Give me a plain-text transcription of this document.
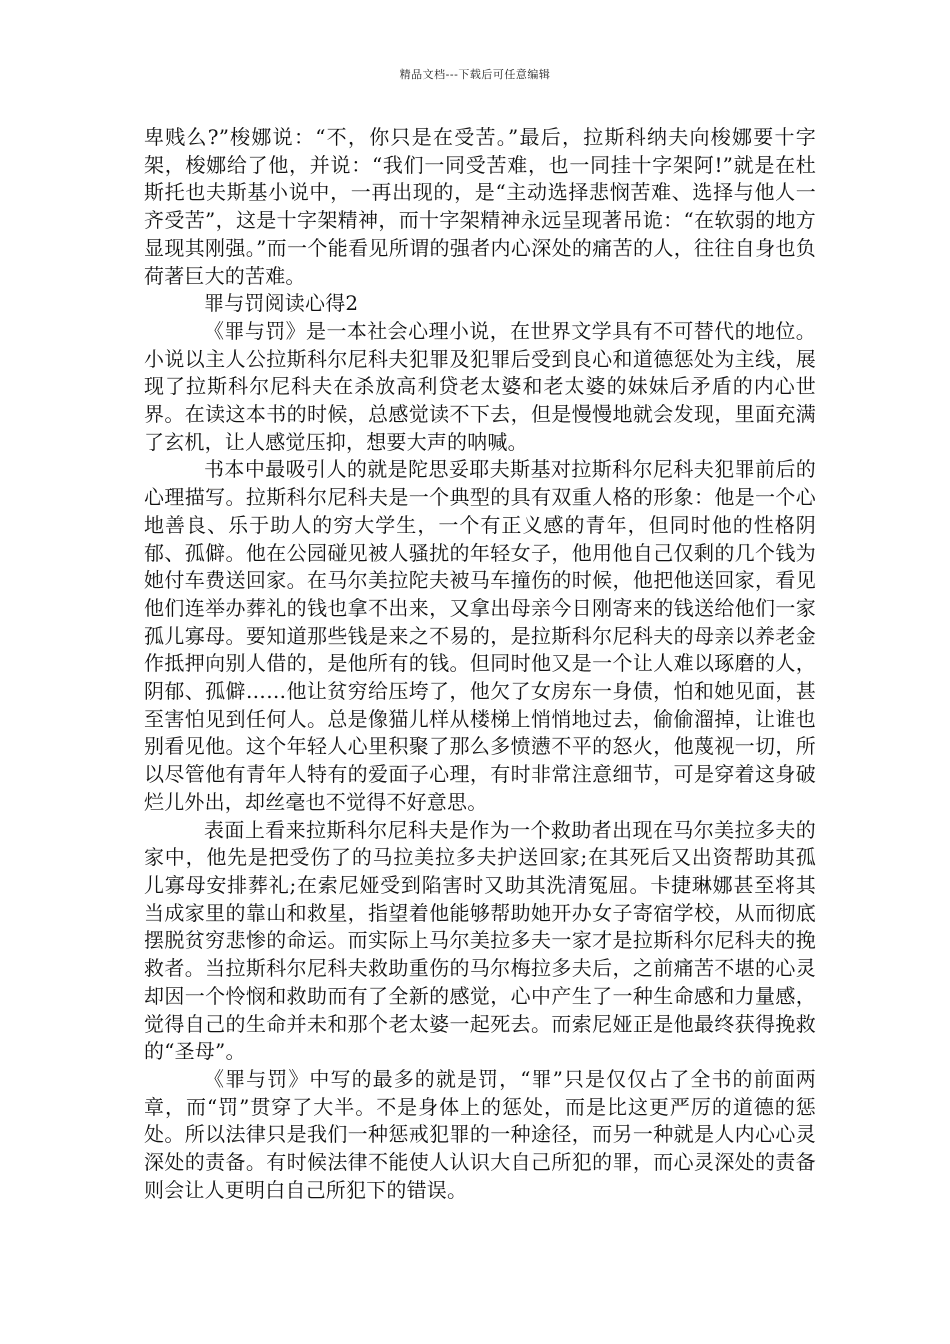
精品文档---下载后可任意编辑

卑贱么?”梭娜说：“不，你只是在受苦。”最后，拉斯科纳夫向梭娜要十字架，梭娜给了他，并说：“我们一同受苦难，也一同挂十字架阿!”就是在杜斯托也夫斯基小说中，一再出现的，是“主动选择悲悯苦难、选择与他人一齐受苦”，这是十字架精神，而十字架精神永远呈现著吊诡：“在软弱的地方显现其刚强。”而一个能看见所谓的强者内心深处的痛苦的人，往往自身也负荷著巨大的苦难。

罪与罚阅读心得2

《罪与罚》是一本社会心理小说，在世界文学具有不可替代的地位。小说以主人公拉斯科尔尼科夫犯罪及犯罪后受到良心和道德惩处为主线，展现了拉斯科尔尼科夫在杀放高利贷老太婆和老太婆的妹妹后矛盾的内心世界。在读这本书的时候，总感觉读不下去，但是慢慢地就会发现，里面充满了玄机，让人感觉压抑，想要大声的呐喊。

书本中最吸引人的就是陀思妥耶夫斯基对拉斯科尔尼科夫犯罪前后的心理描写。拉斯科尔尼科夫是一个典型的具有双重人格的形象：他是一个心地善良、乐于助人的穷大学生，一个有正义感的青年，但同时他的性格阴郁、孤僻。他在公园碰见被人骚扰的年轻女子，他用他自己仅剩的几个钱为她付车费送回家。在马尔美拉陀夫被马车撞伤的时候，他把他送回家，看见他们连举办葬礼的钱也拿不出来，又拿出母亲今日刚寄来的钱送给他们一家孤儿寡母。要知道那些钱是来之不易的，是拉斯科尔尼科夫的母亲以养老金作抵押向别人借的，是他所有的钱。但同时他又是一个让人难以琢磨的人，阴郁、孤僻……他让贫穷给压垮了，他欠了女房东一身债，怕和她见面，甚至害怕见到任何人。总是像猫儿样从楼梯上悄悄地过去，偷偷溜掉，让谁也别看见他。这个年轻人心里积聚了那么多愤懑不平的怒火，他蔑视一切，所以尽管他有青年人特有的爱面子心理，有时非常注意细节，可是穿着这身破烂儿外出，却丝毫也不觉得不好意思。

表面上看来拉斯科尔尼科夫是作为一个救助者出现在马尔美拉多夫的家中，他先是把受伤了的马拉美拉多夫护送回家;在其死后又出资帮助其孤儿寡母安排葬礼;在索尼娅受到陷害时又助其洗清冤屈。卡捷琳娜甚至将其当成家里的靠山和救星，指望着他能够帮助她开办女子寄宿学校，从而彻底摆脱贫穷悲惨的命运。而实际上马尔美拉多夫一家才是拉斯科尔尼科夫的挽救者。当拉斯科尔尼科夫救助重伤的马尔梅拉多夫后，之前痛苦不堪的心灵却因一个怜悯和救助而有了全新的感觉，心中产生了一种生命感和力量感，觉得自己的生命并未和那个老太婆一起死去。而索尼娅正是他最终获得挽救的“圣母”。

《罪与罚》中写的最多的就是罚，“罪”只是仅仅占了全书的前面两章，而“罚”贯穿了大半。不是身体上的惩处，而是比这更严厉的道德的惩处。所以法律只是我们一种惩戒犯罪的一种途径，而另一种就是人内心心灵深处的责备。有时候法律不能使人认识大自己所犯的罪，而心灵深处的责备则会让人更明白自己所犯下的错误。
